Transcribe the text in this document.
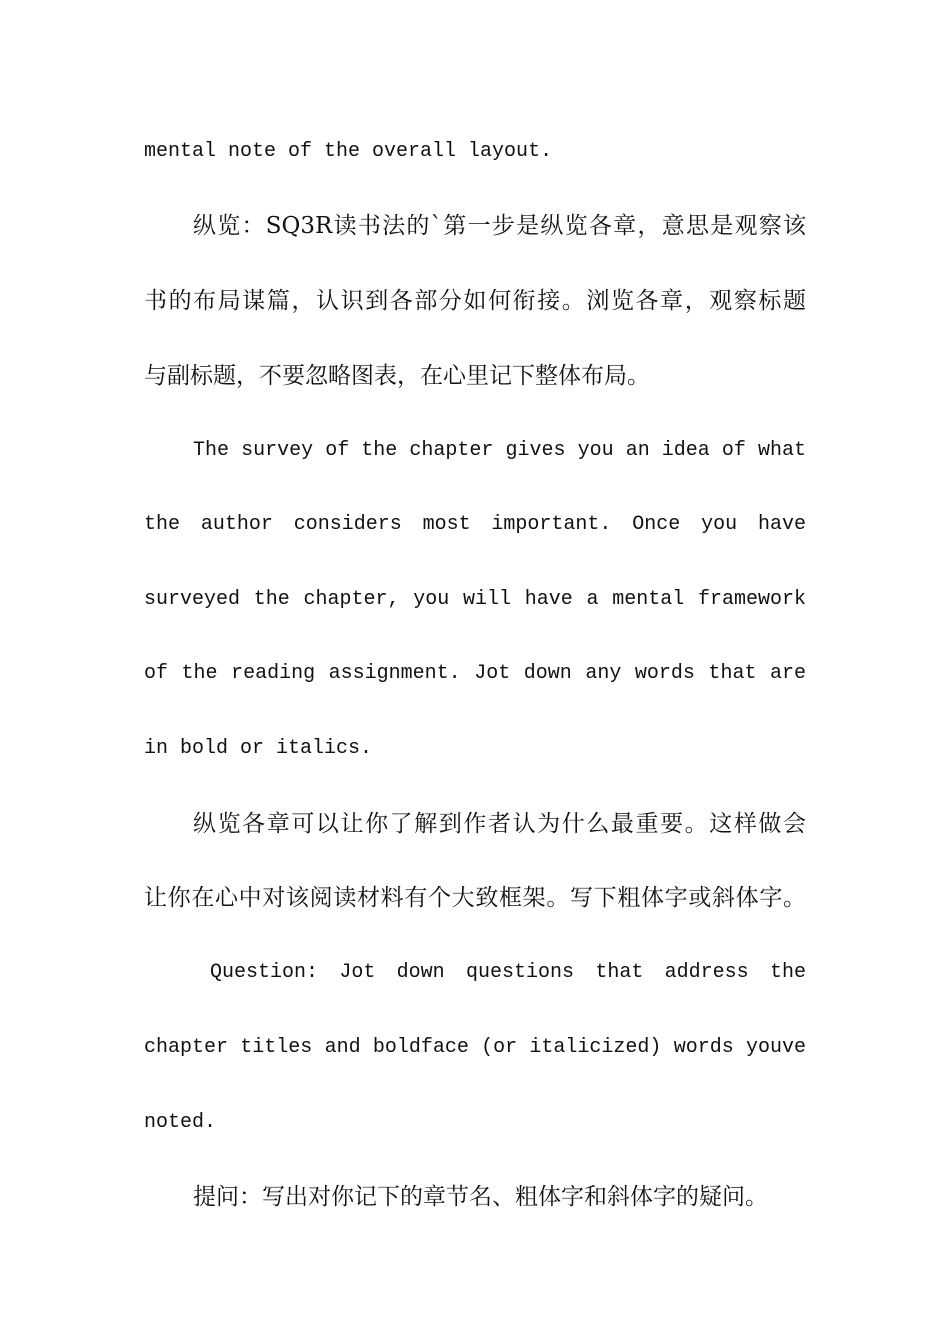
mental note of the overall layout.
纵览：SQ3R读书法的`第一步是纵览各章，意思是观察该
书的布局谋篇，认识到各部分如何衔接。浏览各章，观察标题
与副标题，不要忽略图表，在心里记下整体布局。
The survey of the chapter gives you an idea of what
the author considers most important. Once you have
surveyed the chapter, you will have a mental framework
of the reading assignment. Jot down any words that are
in bold or italics.
纵览各章可以让你了解到作者认为什么最重要。这样做会
让你在心中对该阅读材料有个大致框架。写下粗体字或斜体字。
Question: Jot down questions that address the
chapter titles and boldface (or italicized) words youve
noted.
提问：写出对你记下的章节名、粗体字和斜体字的疑问。
